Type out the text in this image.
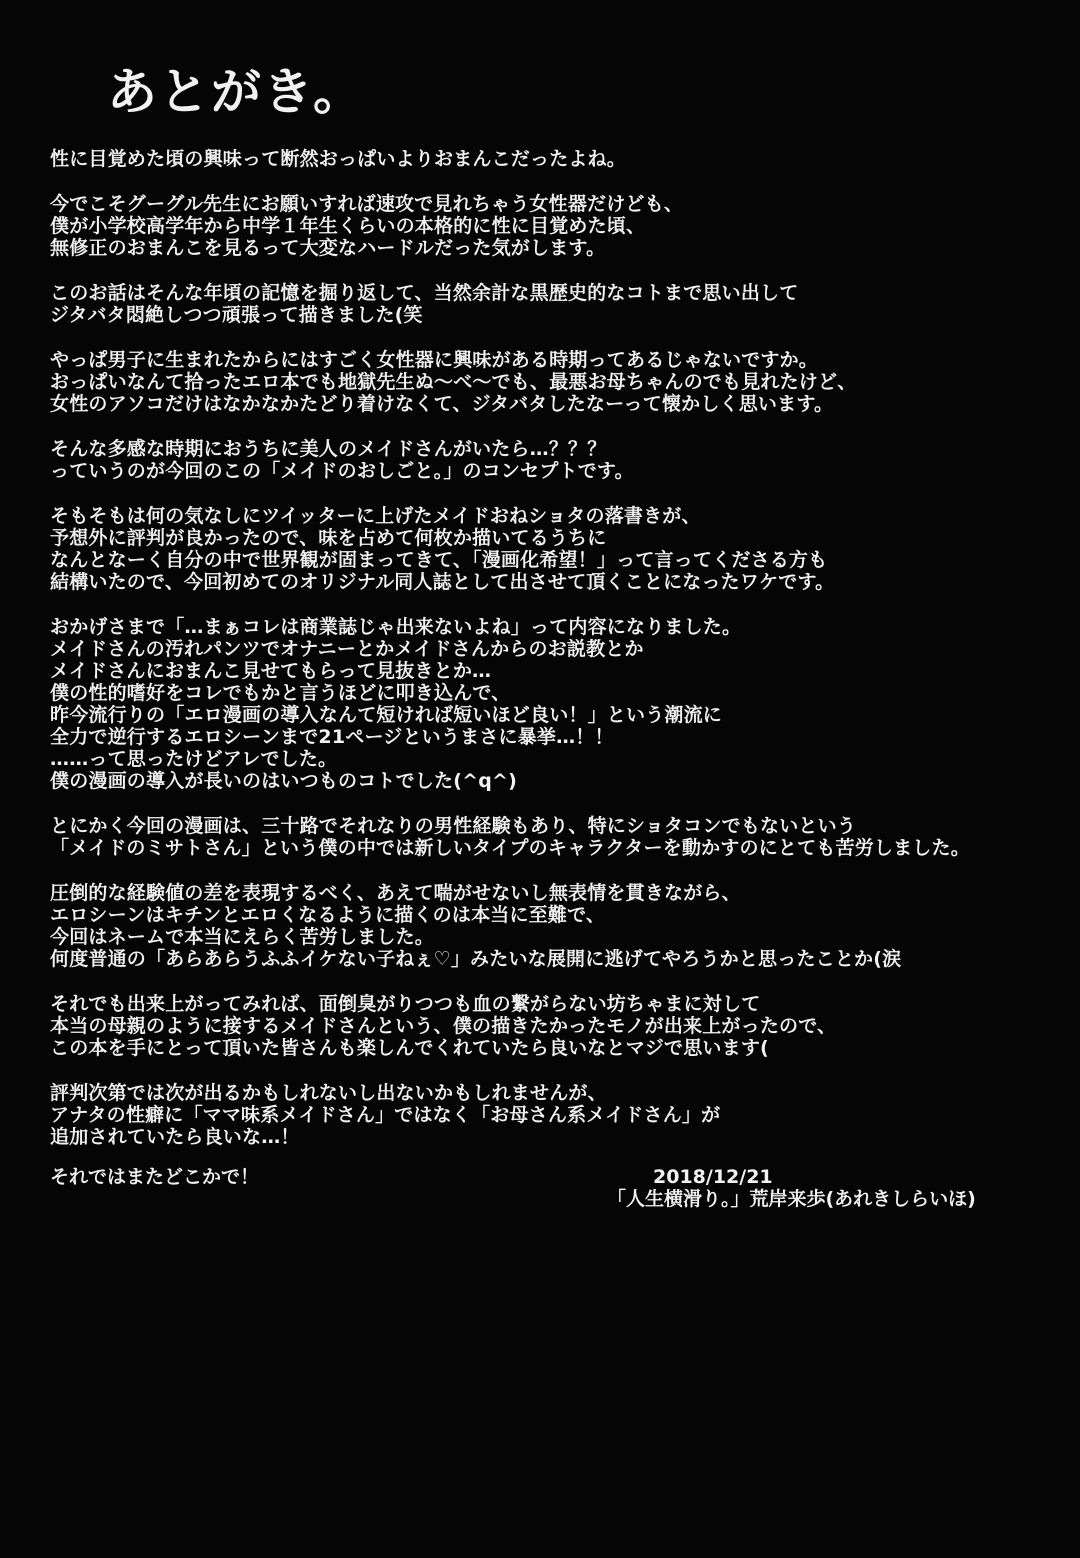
あとがき。
性に目覚めた頃の興味って断然おっぱいよりおまんこだったよね。
今でこそグーグル先生にお願いすれば速攻で見れちゃう女性器だけども、
僕が小学校高学年から中学１年生くらいの本格的に性に目覚めた頃、
無修正のおまんこを見るって大変なハードルだった気がします。
このお話はそんな年頃の記憶を掘り返して、当然余計な黒歴史的なコトまで思い出して
ジタバタ悶絶しつつ頑張って描きました(笑
やっぱ男子に生まれたからにはすごく女性器に興味がある時期ってあるじゃないですか。
おっぱいなんて拾ったエロ本でも地獄先生ぬ～べ～でも、最悪お母ちゃんのでも見れたけど、
女性のアソコだけはなかなかたどり着けなくて、ジタバタしたなーって懐かしく思います。
そんな多感な時期におうちに美人のメイドさんがいたら…？？？
っていうのが今回のこの「メイドのおしごと。」のコンセプトです。
そもそもは何の気なしにツイッターに上げたメイドおねショタの落書きが、
予想外に評判が良かったので、味を占めて何枚か描いてるうちに
なんとなーく自分の中で世界観が固まってきて、「漫画化希望！」って言ってくださる方も
結構いたので、今回初めてのオリジナル同人誌として出させて頂くことになったワケです。
おかげさまで「…まぁコレは商業誌じゃ出来ないよね」って内容になりました。
メイドさんの汚れパンツでオナニーとかメイドさんからのお説教とか
メイドさんにおまんこ見せてもらって見抜きとか…
僕の性的嗜好をコレでもかと言うほどに叩き込んで、
昨今流行りの「エロ漫画の導入なんて短ければ短いほど良い！」という潮流に
全力で逆行するエロシーンまで21ページというまさに暴挙…！！
……って思ったけどアレでした。
僕の漫画の導入が長いのはいつものコトでした(^q^)
とにかく今回の漫画は、三十路でそれなりの男性経験もあり、特にショタコンでもないという
「メイドのミサトさん」という僕の中では新しいタイプのキャラクターを動かすのにとても苦労しました。
圧倒的な経験値の差を表現するべく、あえて喘がせないし無表情を貫きながら、
エロシーンはキチンとエロくなるように描くのは本当に至難で、
今回はネームで本当にえらく苦労しました。
何度普通の「あらあらうふふイケない子ねぇ♡」みたいな展開に逃げてやろうかと思ったことか(涙
それでも出来上がってみれば、面倒臭がりつつも血の繋がらない坊ちゃまに対して
本当の母親のように接するメイドさんという、僕の描きたかったモノが出来上がったので、
この本を手にとって頂いた皆さんも楽しんでくれていたら良いなとマジで思います(
評判次第では次が出るかもしれないし出ないかもしれませんが、
アナタの性癖に「ママ味系メイドさん」ではなく「お母さん系メイドさん」が
追加されていたら良いな…！
それではまたどこかで！	2018/12/21
「人生横滑り。」荒岸来歩(あれきしらいほ)
